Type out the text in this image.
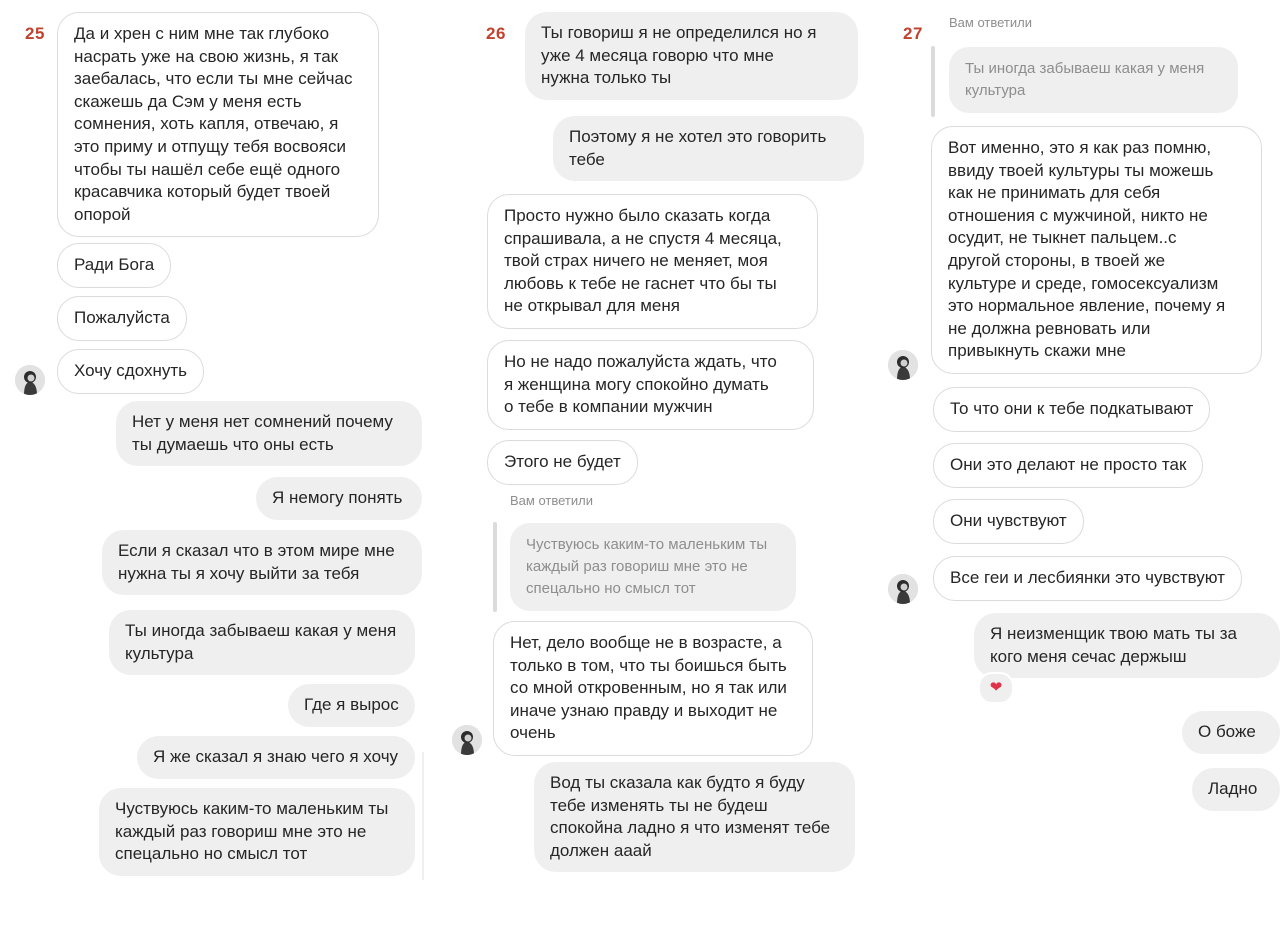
25	Да и хрен с ним мне так глубоко
насрать уже на свою жизнь, я так
заебалась, что если ты мне сейчас
скажешь да Сэм у меня есть
сомнения, хоть капля, отвечаю, я
это приму и отпущу тебя восвояси
чтобы ты нашёл себе ещё одного
красавчика который будет твоей
опорой
Ради Бога
Пожалуйста
Хочу сдохнуть
Нет у меня нет сомнений почему
ты думаешь что оны есть
Я немогу понять
Если я сказал что в этом мире мне
нужна ты я хочу выйти за тебя
Ты иногда забываеш какая у меня
культура
Где я вырос
Я же сказал я знаю чего я хочу
Чуствуюсь каким-то маленьким ты
каждый раз говориш мне это не
спецально но смысл тот
26	Ты говориш я не определился но я
уже 4 месяца говорю что мне
нужна только ты
Поэтому я не хотел это говорить
тебе
Просто нужно было сказать когда
спрашивала, а не спустя 4 месяца,
твой страх ничего не меняет, моя
любовь к тебе не гаснет что бы ты
не открывал для меня
Но не надо пожалуйста ждать, что
я женщина могу спокойно думать
о тебе в компании мужчин
Этого не будет
Вам ответили
Чуствуюсь каким-то маленьким ты
каждый раз говориш мне это не
спецально но смысл тот
Нет, дело вообще не в возрасте, а
только в том, что ты боишься быть
со мной откровенным, но я так или
иначе узнаю правду и выходит не
очень
Вод ты сказала как будто я буду
тебе изменять ты не будеш
спокойна ладно я что изменят тебе
должен ааай
27
Вам ответили
Ты иногда забываеш какая у меня
культура
Вот именно, это я как раз помню,
ввиду твоей культуры ты можешь
как не принимать для себя
отношения с мужчиной, никто не
осудит, не тыкнет пальцем..с
другой стороны, в твоей же
культуре и среде, гомосексуализм
это нормальное явление, почему я
не должна ревновать или
привыкнуть скажи мне
То что они к тебе подкатывают
Они это делают не просто так
Они чувствуют
Все геи и лесбиянки это чувствуют
Я неизменщик твою мать ты за
кого меня сечас держыш
❤
О боже
Ладно
